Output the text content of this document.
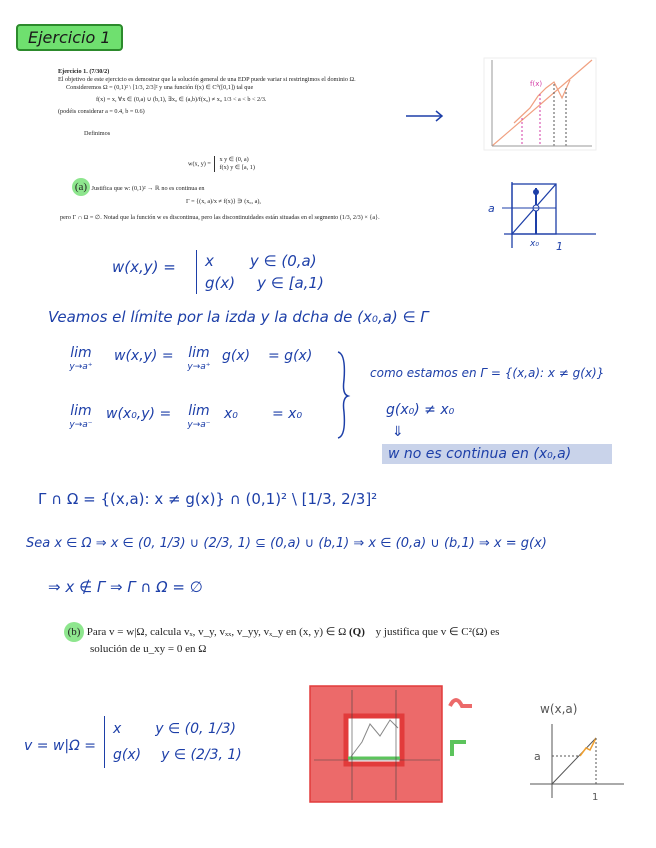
Ejercicio 1
Ejercicio 1. (7/30/2)
El objetivo de este ejercicio es demostrar que la solución general de una EDP puede variar si restringimos el dominio Ω.
Consideremos Ω = (0,1)² \ [1/3, 2/3]² y una función f(x) ∈ C⁰([0,1]) tal que
f(x) = x, ∀x ∈ (0,a) ∪ (b,1), ∃x₀ ∈ (a,b)/f(x₀) ≠ x₀ 1/3 < a < b < 2/3.
(podéis considerar a = 0.4, b = 0.6)
Definimos
w(x, y) =
x y ∈ (0, a)
f(x) y ∈ [a, 1)
(a) Justifica que w: (0,1)² → ℝ no es continua en
Γ = {(x, a)/x ≠ f(x)} ∋ (x₀, a),
pero Γ ∩ Ω = ∅. Notad que la función w es discontinua, pero las discontinuidades están situadas en el segmento (1/3, 2/3) × {a}.
f(x)
a
x₀ 1
w(x,y) = x y ∈ (0,a)
g(x) y ∈ [a,1)
Veamos el límite por la izda y la dcha de (x₀,a) ∈ Γ
lim
y→a⁺
w(x,y) =	lim
y→a⁺
g(x) = g(x)
lim
y→a⁻
w(x₀,y) =	lim
y→a⁻
x₀ = x₀
como estamos en Γ = {(x,a): x ≠ g(x)}
g(x₀) ≠ x₀
⇓
w no es continua en (x₀,a)
Γ ∩ Ω = {(x,a): x ≠ g(x)} ∩ (0,1)² \ [1/3, 2/3]²
Sea x ∈ Ω ⇒ x ∈ (0, 1/3) ∪ (2/3, 1) ⊆ (0,a) ∪ (b,1) ⇒ x ∈ (0,a) ∪ (b,1) ⇒ x = g(x)
⇒ x ∉ Γ ⇒ Γ ∩ Ω = ∅
(b) Para v = w|Ω, calcula vₓ, v_y, vₓₓ, v_yy, vₓ_y en (x, y) ∈ Ω (Q) y justifica que v ∈ C²(Ω) es
solución de u_xy = 0 en Ω
v = w|Ω =
x y ∈ (0, 1/3)
g(x) y ∈ (2/3, 1)
w(x,a)
a
1
